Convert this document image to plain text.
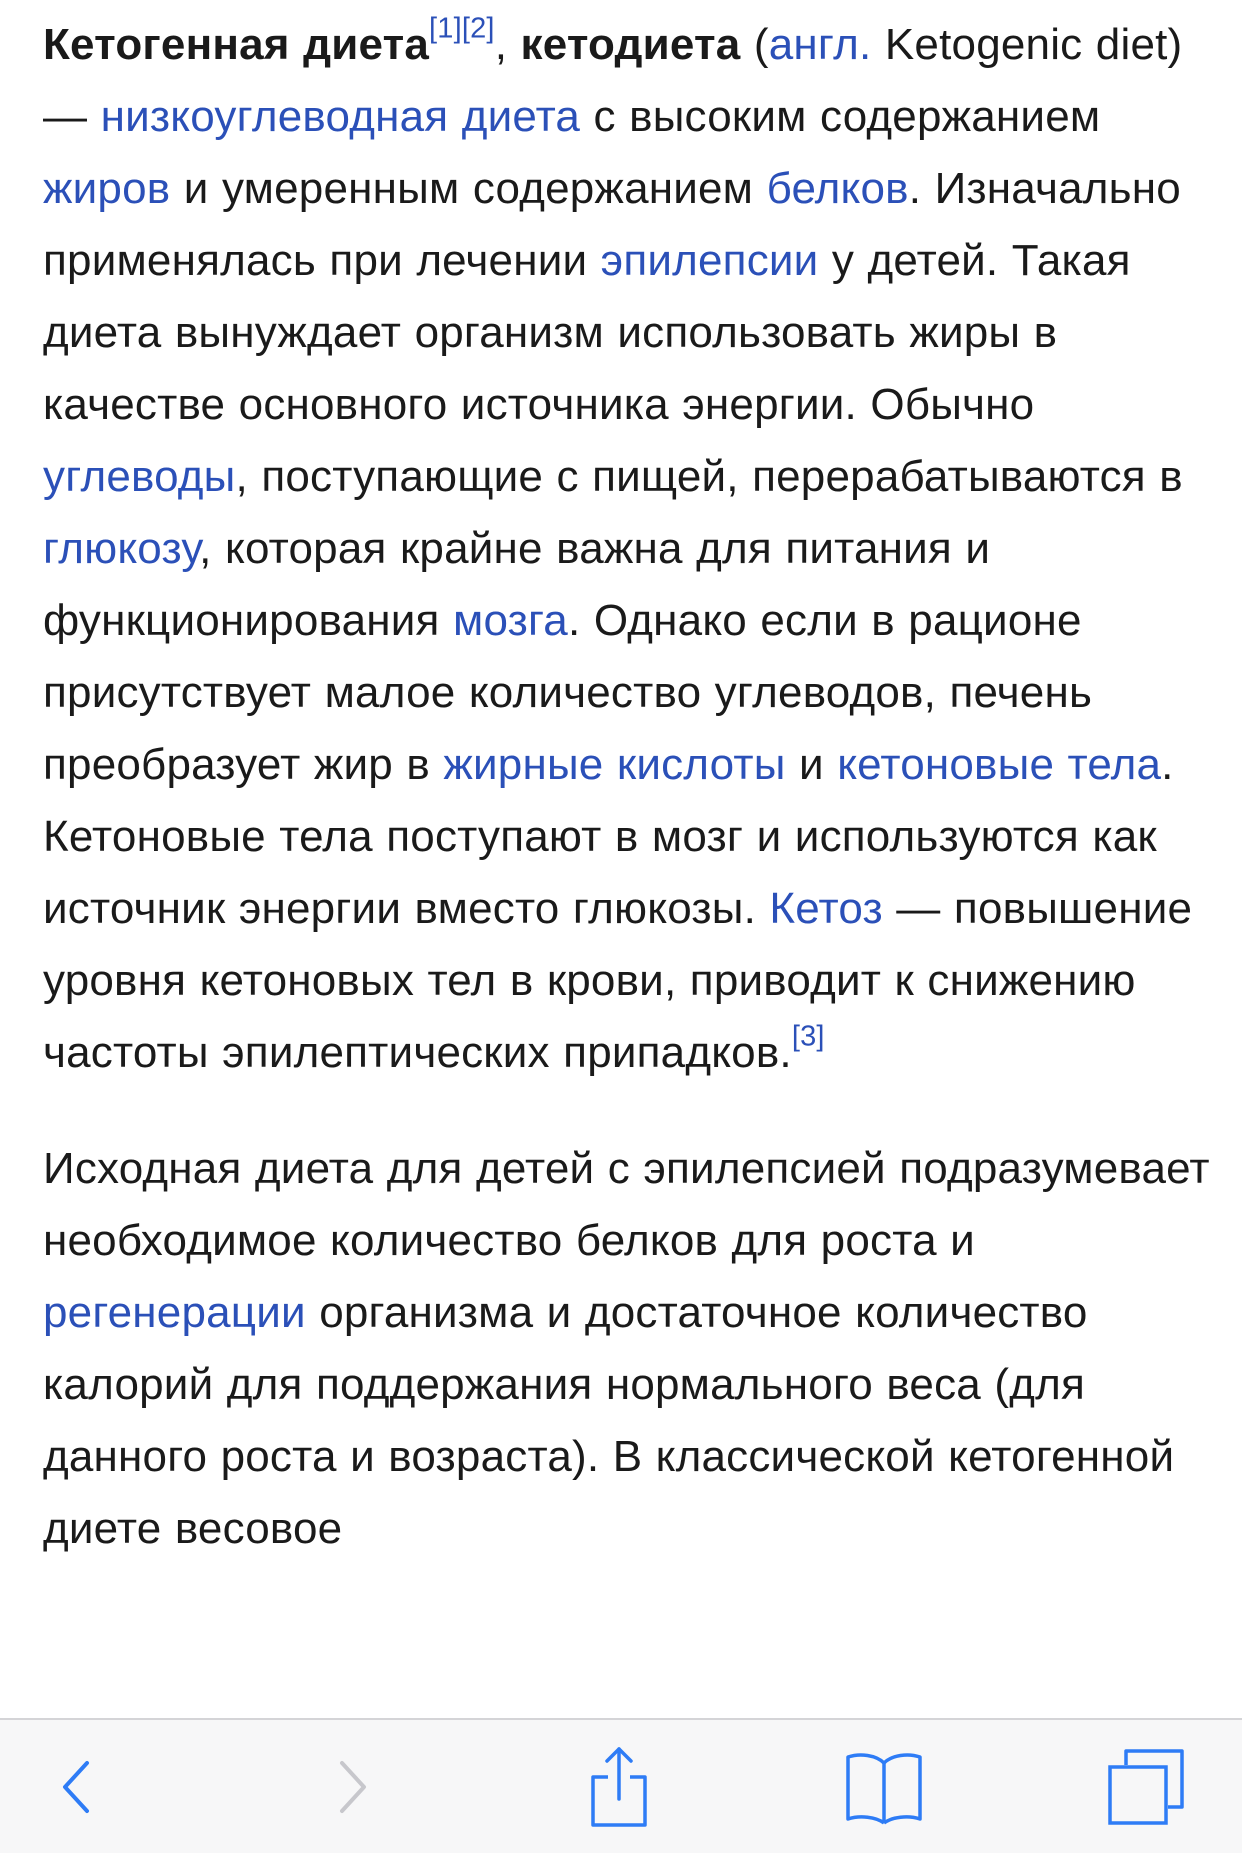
Кетогенная диета[1][2], кетодиета (англ. Ketogenic diet) — низкоуглеводная диета с высоким содержанием жиров и умеренным содержанием белков. Изначально применялась при лечении эпилепсии у детей. Такая диета вынуждает организм использовать жиры в качестве основного источника энергии. Обычно углеводы, поступающие с пищей, перерабатываются в глюкозу, которая крайне важна для питания и функционирования мозга. Однако если в рационе присутствует малое количество углеводов, печень преобразует жир в жирные кислоты и кетоновые тела. Кетоновые тела поступают в мозг и используются как источник энергии вместо глюкозы. Кетоз — повышение уровня кетоновых тел в крови, приводит к снижению частоты эпилептических припадков.[3]

Исходная диета для детей с эпилепсией подразумевает необходимое количество белков для роста и регенерации организма и достаточное количество калорий для поддержания нормального веса (для данного роста и возраста). В классической кетогенной диете весовое
